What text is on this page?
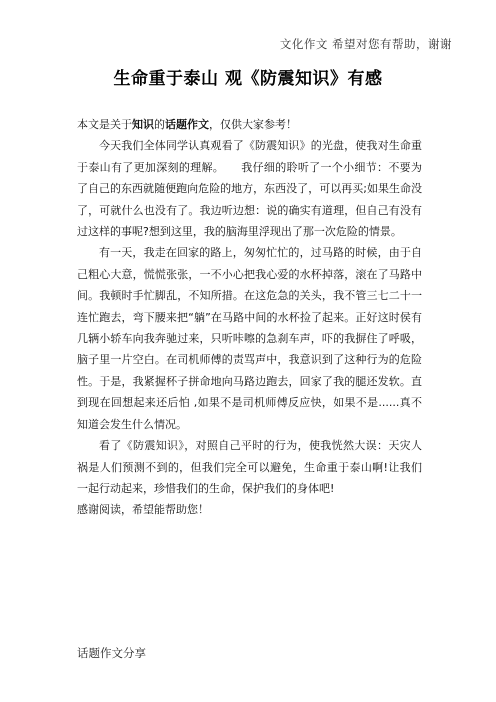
文化作文 希望对您有帮助，谢谢
生命重于泰山 观《防震知识》有感

本文是关于知识的话题作文，仅供大家参考！

今天我们全体同学认真观看了《防震知识》的光盘，使我对生命重于泰山有了更加深刻的理解。　　我仔细的聆听了一个小细节：不要为了自己的东西就随便跑向危险的地方，东西没了，可以再买;如果生命没了，可就什么也没有了。我边听边想：说的确实有道理，但自己有没有过这样的事呢?想到这里，我的脑海里浮现出了那一次危险的情景。

有一天，我走在回家的路上，匆匆忙忙的，过马路的时候，由于自己粗心大意，慌慌张张，一不小心把我心爱的水杯掉落，滚在了马路中间。我顿时手忙脚乱，不知所措。在这危急的关头，我不管三七二十一连忙跑去，弯下腰来把“躺”在马路中间的水杯捡了起来。正好这时侯有几辆小轿车向我奔驰过来，只听咔嚓的急刹车声，吓的我摒住了呼吸，脑子里一片空白。在司机师傅的责骂声中，我意识到了这种行为的危险性。于是，我紧握杯子拼命地向马路边跑去，回家了我的腿还发软。直到现在回想起来还后怕 ,如果不是司机师傅反应快，如果不是......真不知道会发生什么情况。

看了《防震知识》，对照自己平时的行为，使我恍然大误：天灾人祸是人们预测不到的，但我们完全可以避免，生命重于泰山啊!让我们一起行动起来，珍惜我们的生命，保护我们的身体吧!

感谢阅读，希望能帮助您！

话题作文分享
